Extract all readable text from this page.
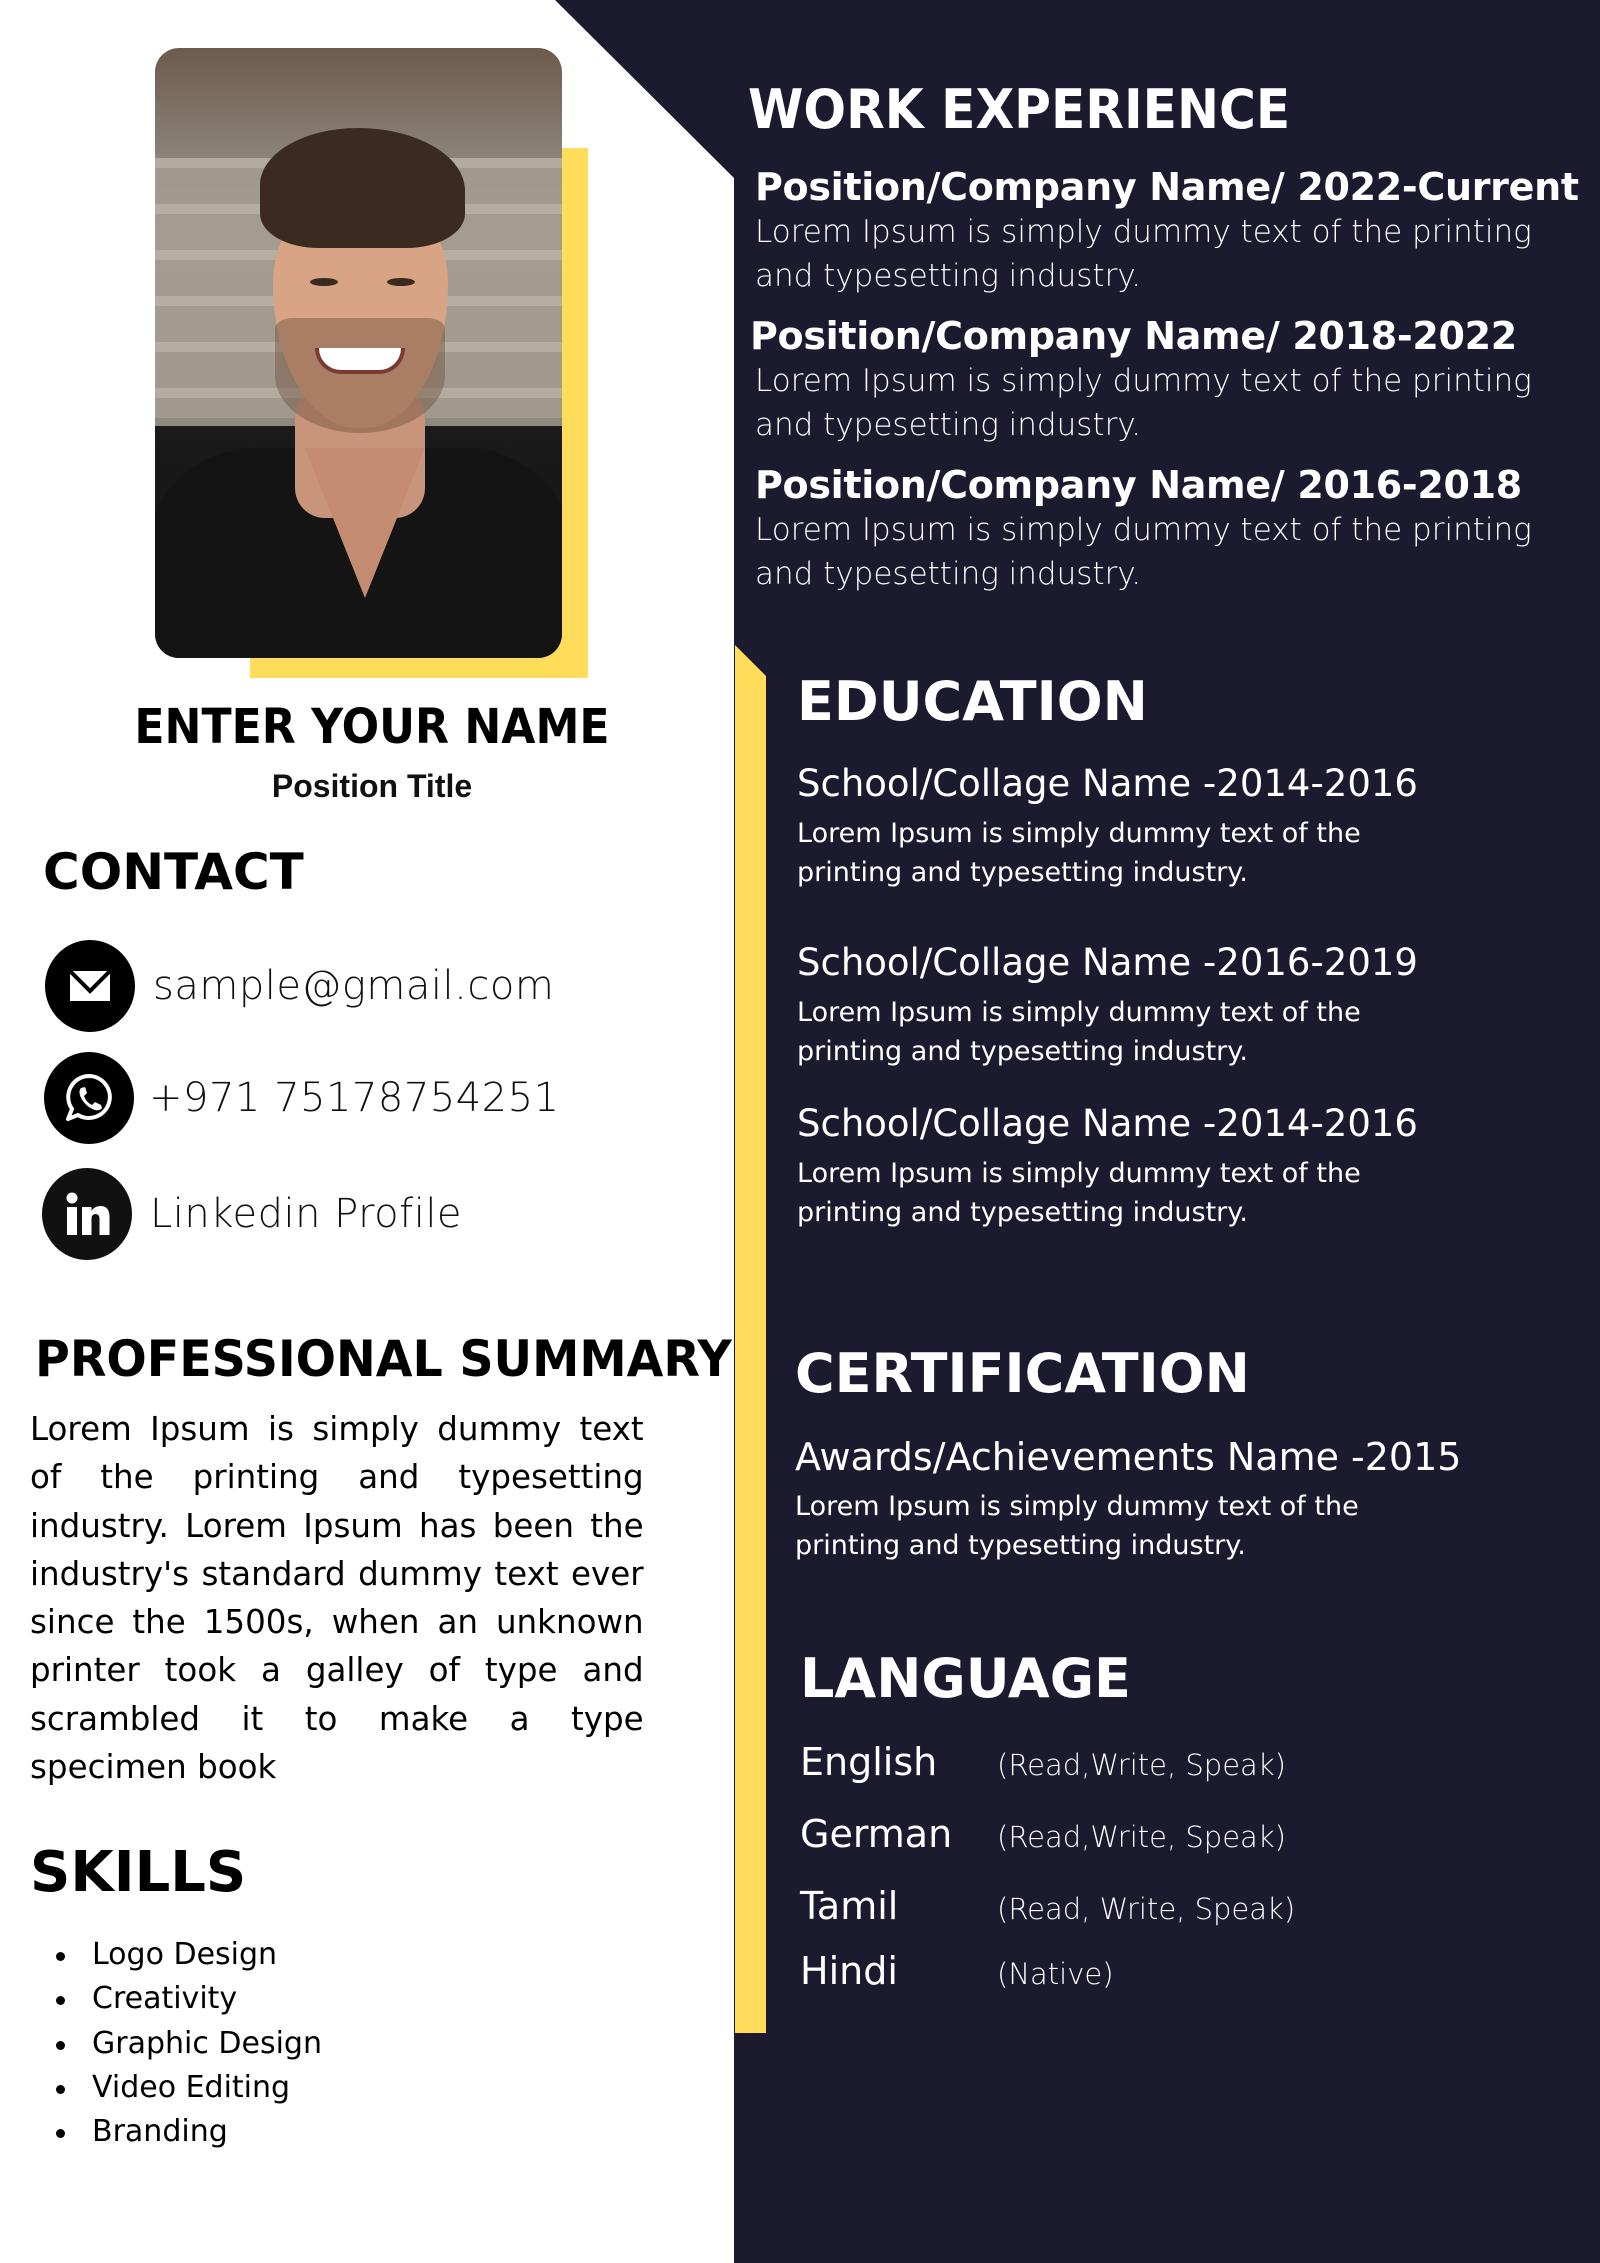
ENTER YOUR NAME
Position Title
CONTACT
sample@gmail.com
+971 75178754251
Linkedin Profile
PROFESSIONAL SUMMARY

Lorem Ipsum is simply dummy text of the printing and typesetting industry. Lorem Ipsum has been the industry's standard dummy text ever since the 1500s, when an unknown printer took a galley of type and scrambled it to make a type specimen book

SKILLS
Logo Design
Creativity
Graphic Design
Video Editing
Branding
WORK EXPERIENCE
Position/Company Name/ 2022-Current
Lorem Ipsum is simply dummy text of the printing and typesetting industry.
Position/Company Name/ 2018-2022
Lorem Ipsum is simply dummy text of the printing and typesetting industry.
Position/Company Name/ 2016-2018
Lorem Ipsum is simply dummy text of the printing and typesetting industry.
EDUCATION
School/Collage Name -2014-2016
Lorem Ipsum is simply dummy text of the printing and typesetting industry.
School/Collage Name -2016-2019
Lorem Ipsum is simply dummy text of the printing and typesetting industry.
School/Collage Name -2014-2016
Lorem Ipsum is simply dummy text of the printing and typesetting industry.
CERTIFICATION
Awards/Achievements Name -2015
Lorem Ipsum is simply dummy text of the printing and typesetting industry.
LANGUAGE
English	(Read,Write, Speak)
German	(Read,Write, Speak)
Tamil	(Read, Write, Speak)
Hindi	(Native)
